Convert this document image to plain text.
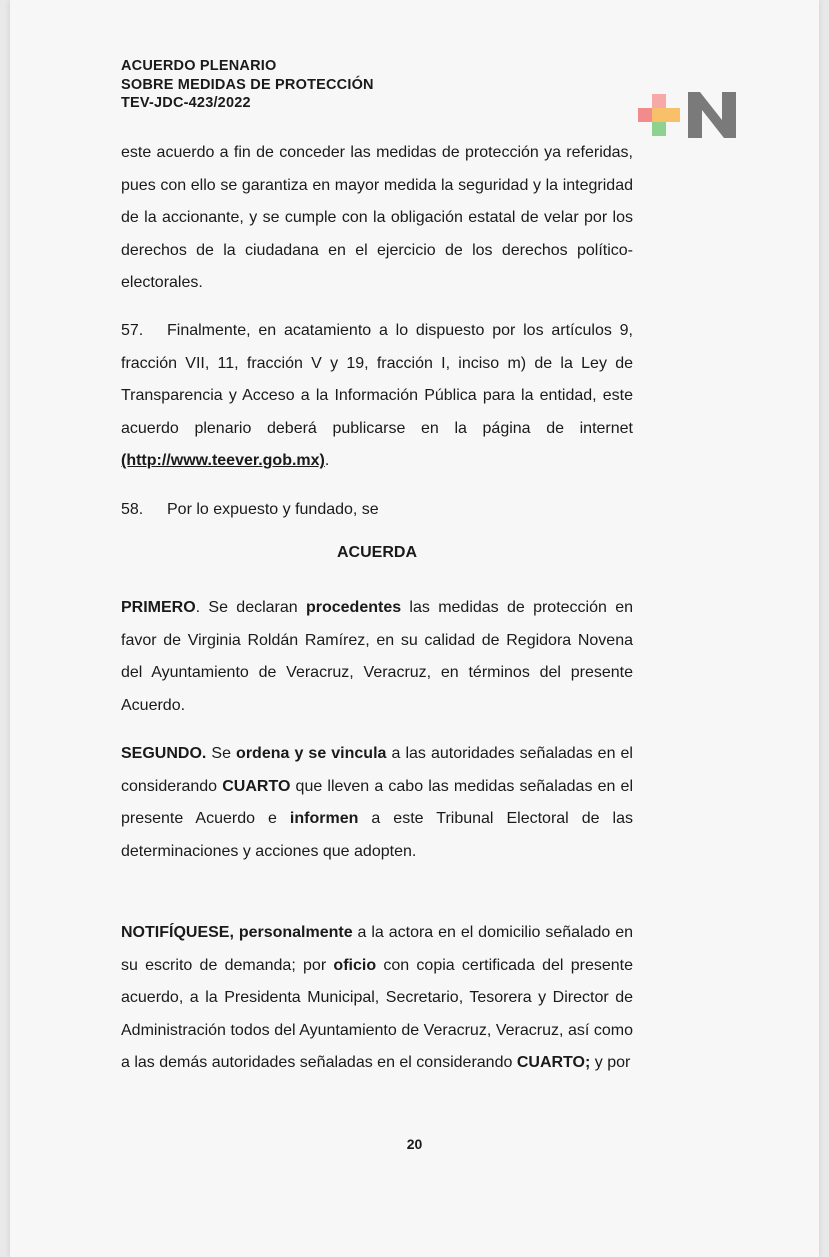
ACUERDO PLENARIO
SOBRE MEDIDAS DE PROTECCIÓN
TEV-JDC-423/2022

este acuerdo a fin de conceder las medidas de protección ya referidas, pues con ello se garantiza en mayor medida la seguridad y la integridad de la accionante, y se cumple con la obligación estatal de velar por los derechos de la ciudadana en el ejercicio de los derechos político-electorales.

57. Finalmente, en acatamiento a lo dispuesto por los artículos 9, fracción VII, 11, fracción V y 19, fracción I, inciso m) de la Ley de Transparencia y Acceso a la Información Pública para la entidad, este acuerdo plenario deberá publicarse en la página de internet (http://www.teever.gob.mx).

58. Por lo expuesto y fundado, se

ACUERDA

PRIMERO. Se declaran procedentes las medidas de protección en favor de Virginia Roldán Ramírez, en su calidad de Regidora Novena del Ayuntamiento de Veracruz, Veracruz, en términos del presente Acuerdo.

SEGUNDO. Se ordena y se vincula a las autoridades señaladas en el considerando CUARTO que lleven a cabo las medidas señaladas en el presente Acuerdo e informen a este Tribunal Electoral de las determinaciones y acciones que adopten.

NOTIFÍQUESE, personalmente a la actora en el domicilio señalado en su escrito de demanda; por oficio con copia certificada del presente acuerdo, a la Presidenta Municipal, Secretario, Tesorera y Director de Administración todos del Ayuntamiento de Veracruz, Veracruz, así como a las demás autoridades señaladas en el considerando CUARTO; y por

20
